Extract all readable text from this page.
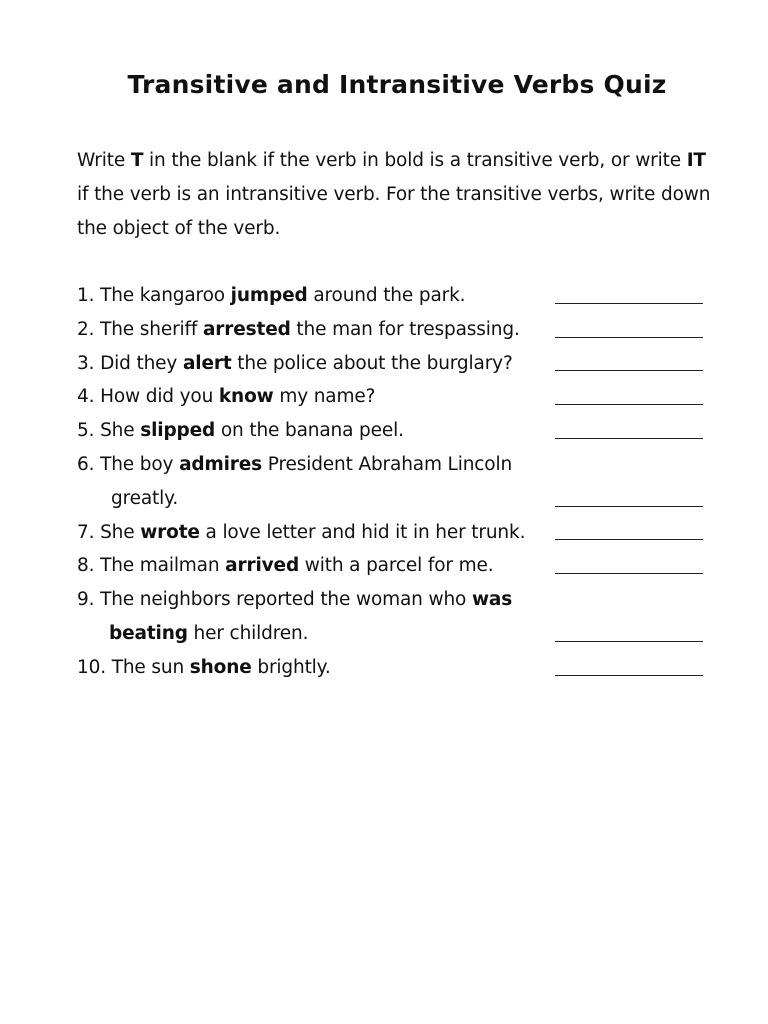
Transitive and Intransitive Verbs Quiz

Write T in the blank if the verb in bold is a transitive verb, or write IT if the verb is an intransitive verb. For the transitive verbs, write down the object of the verb.

1. The kangaroo jumped around the park.
2. The sheriff arrested the man for trespassing.
3. Did they alert the police about the burglary?
4. How did you know my name?
5. She slipped on the banana peel.
6. The boy admires President Abraham Lincoln
greatly.
7. She wrote a love letter and hid it in her trunk.
8. The mailman arrived with a parcel for me.
9. The neighbors reported the woman who was
beating her children.
10. The sun shone brightly.
